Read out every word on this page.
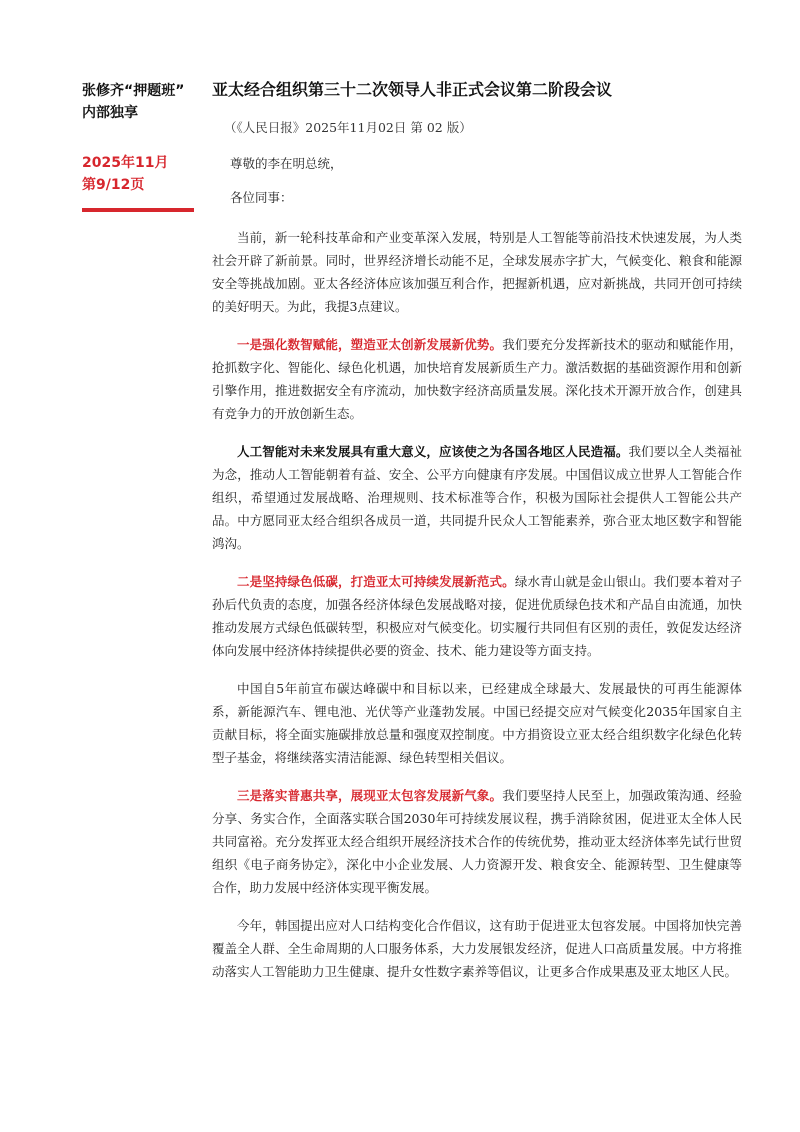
张修齐“押题班”
内部独享
2025年11月
第9/12页
亚太经合组织第三十二次领导人非正式会议第二阶段会议
（《人民日报》2025年11月02日 第 02 版）
尊敬的李在明总统，
各位同事：

当前，新一轮科技革命和产业变革深入发展，特别是人工智能等前沿技术快速发展，为人类社会开辟了新前景。同时，世界经济增长动能不足，全球发展赤字扩大，气候变化、粮食和能源安全等挑战加剧。亚太各经济体应该加强互利合作，把握新机遇，应对新挑战，共同开创可持续的美好明天。为此，我提3点建议。

一是强化数智赋能，塑造亚太创新发展新优势。我们要充分发挥新技术的驱动和赋能作用，抢抓数字化、智能化、绿色化机遇，加快培育发展新质生产力。激活数据的基础资源作用和创新引擎作用，推进数据安全有序流动，加快数字经济高质量发展。深化技术开源开放合作，创建具有竞争力的开放创新生态。

人工智能对未来发展具有重大意义，应该使之为各国各地区人民造福。我们要以全人类福祉为念，推动人工智能朝着有益、安全、公平方向健康有序发展。中国倡议成立世界人工智能合作组织，希望通过发展战略、治理规则、技术标准等合作，积极为国际社会提供人工智能公共产品。中方愿同亚太经合组织各成员一道，共同提升民众人工智能素养，弥合亚太地区数字和智能鸿沟。

二是坚持绿色低碳，打造亚太可持续发展新范式。绿水青山就是金山银山。我们要本着对子孙后代负责的态度，加强各经济体绿色发展战略对接，促进优质绿色技术和产品自由流通，加快推动发展方式绿色低碳转型，积极应对气候变化。切实履行共同但有区别的责任，敦促发达经济体向发展中经济体持续提供必要的资金、技术、能力建设等方面支持。

中国自5年前宣布碳达峰碳中和目标以来，已经建成全球最大、发展最快的可再生能源体系，新能源汽车、锂电池、光伏等产业蓬勃发展。中国已经提交应对气候变化2035年国家自主贡献目标，将全面实施碳排放总量和强度双控制度。中方捐资设立亚太经合组织数字化绿色化转型子基金，将继续落实清洁能源、绿色转型相关倡议。

三是落实普惠共享，展现亚太包容发展新气象。我们要坚持人民至上，加强政策沟通、经验分享、务实合作，全面落实联合国2030年可持续发展议程，携手消除贫困，促进亚太全体人民共同富裕。充分发挥亚太经合组织开展经济技术合作的传统优势，推动亚太经济体率先试行世贸组织《电子商务协定》，深化中小企业发展、人力资源开发、粮食安全、能源转型、卫生健康等合作，助力发展中经济体实现平衡发展。

今年，韩国提出应对人口结构变化合作倡议，这有助于促进亚太包容发展。中国将加快完善覆盖全人群、全生命周期的人口服务体系，大力发展银发经济，促进人口高质量发展。中方将推动落实人工智能助力卫生健康、提升女性数字素养等倡议，让更多合作成果惠及亚太地区人民。
